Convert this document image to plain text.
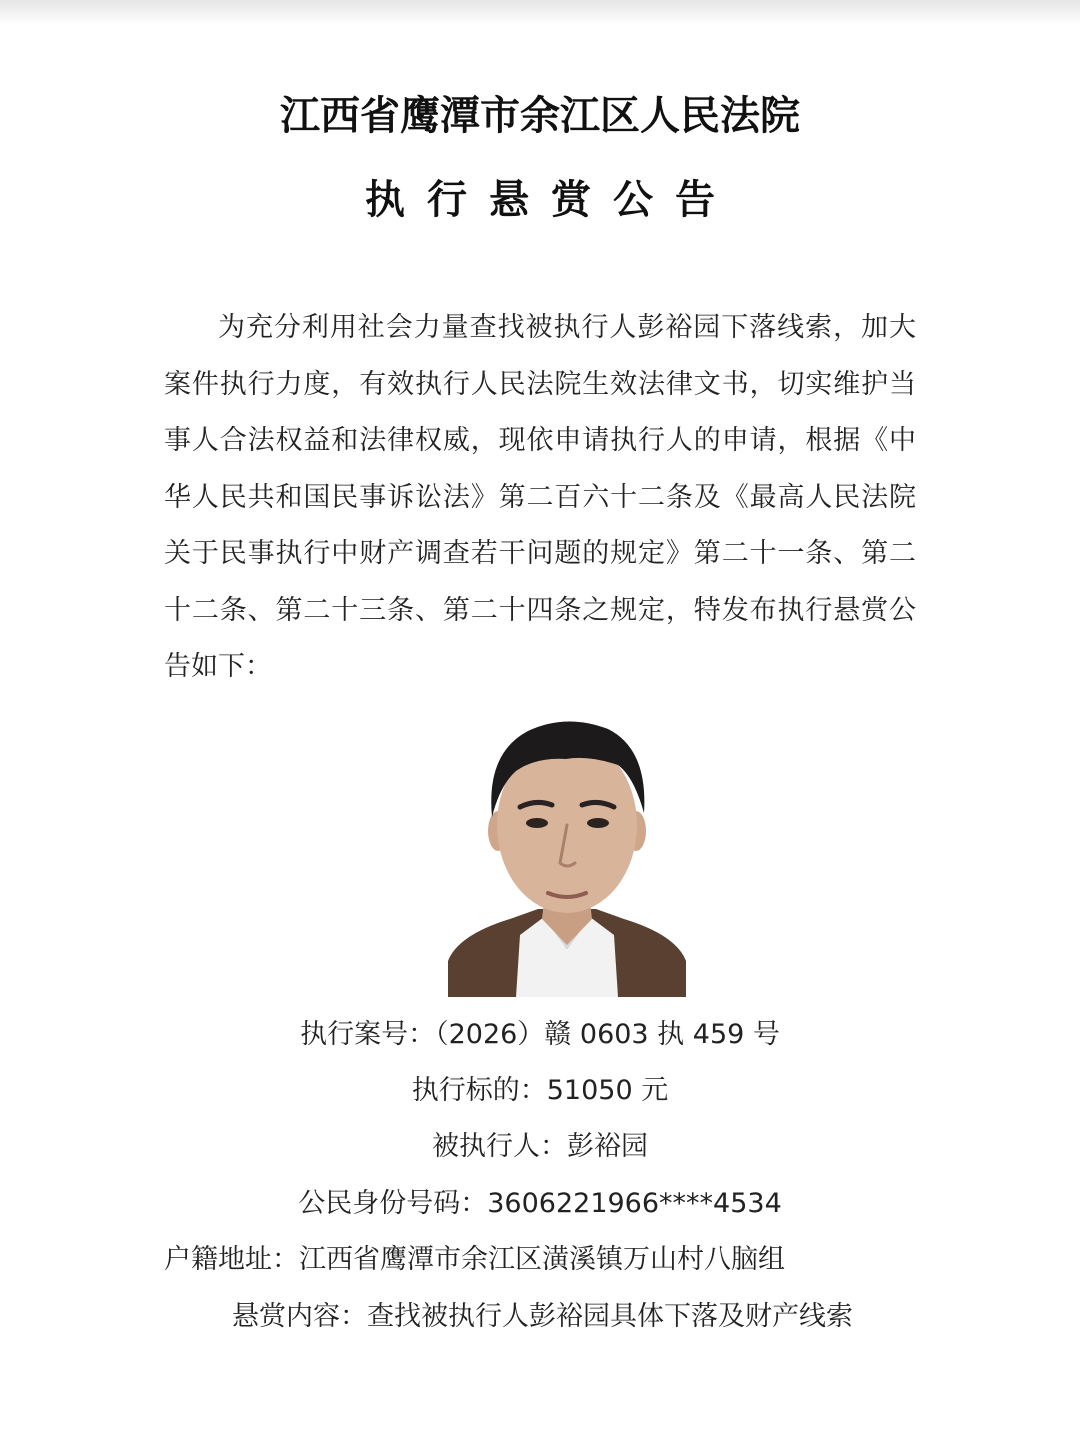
江西省鹰潭市余江区人民法院
执行悬赏公告

为充分利用社会力量查找被执行人彭裕园下落线索，加大案件执行力度，有效执行人民法院生效法律文书，切实维护当事人合法权益和法律权威，现依申请执行人的申请，根据《中华人民共和国民事诉讼法》第二百六十二条及《最高人民法院关于民事执行中财产调查若干问题的规定》第二十一条、第二十二条、第二十三条、第二十四条之规定，特发布执行悬赏公告如下：

执行案号：（2026）赣 0603 执 459 号
执行标的：51050 元
被执行人：彭裕园
公民身份号码：3606221966****4534
户籍地址：江西省鹰潭市余江区潢溪镇万山村八脑组
悬赏内容：查找被执行人彭裕园具体下落及财产线索
